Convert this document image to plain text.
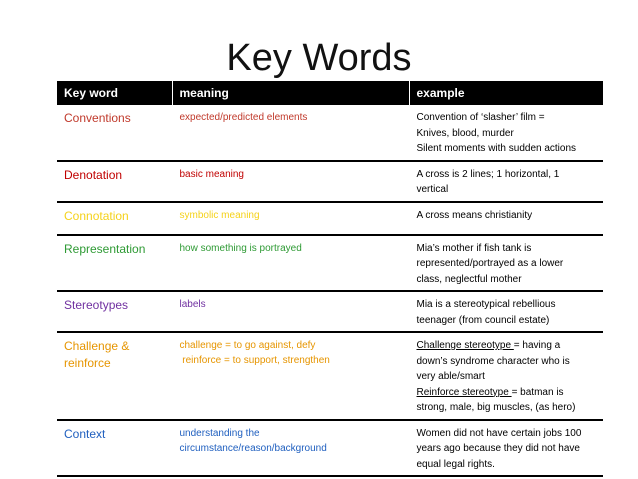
Key Words
Key word	meaning	example
Conventions	expected/predicted elements	Convention of ‘slasher’ film =
Knives, blood, murder
Silent moments with sudden actions

Denotation	basic meaning	A cross is 2 lines; 1 horizontal, 1
vertical

Connotation	symbolic meaning	A cross means christianity

Representation	how something is portrayed	Mia’s mother if fish tank is
represented/portrayed as a lower
class, neglectful mother

Stereotypes	labels	Mia is a stereotypical rebellious
teenager (from council estate)

Challenge &
reinforce	challenge = to go against, defy
reinforce = to support, strengthen	Challenge stereotype = having a
down’s syndrome character who is
very able/smart
Reinforce stereotype = batman is
strong, male, big muscles, (as hero)

Context	understanding the
circumstance/reason/background	Women did not have certain jobs 100
years ago because they did not have
equal legal rights.
